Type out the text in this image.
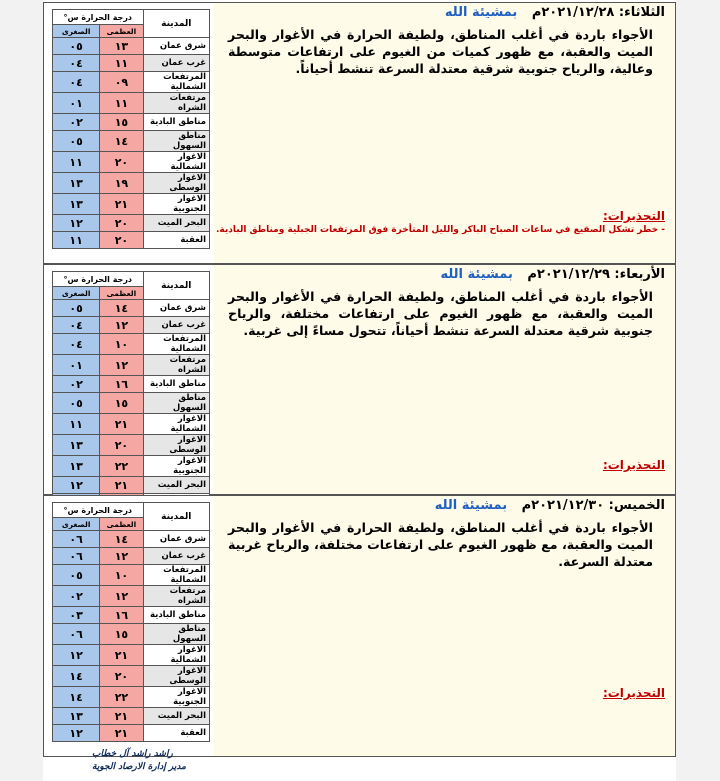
درجة الحرارة س°		المدينة
الصغرى	العظمى	
٠٥	١٣	شرق عمان
٠٤	١١	غرب عمان
٠٤	٠٩	المرتفعات الشمالية
٠١	١١	مرتفعات الشراه
٠٢	١٥	مناطق البادية
٠٥	١٤	مناطق السهول
١١	٢٠	الاغوار الشمالية
١٣	١٩	الاغوار الوسطى
١٣	٢١	الاغوار الجنوبية
١٢	٢٠	البحر الميت
١١	٢٠	العقبة
الثلاثاء: ٢٠٢١/١٢/٢٨م بمشيئة الله
الأجواء باردة في أغلب المناطق، ولطيفة الحرارة في الأغوار والبحر الميت والعقبة، مع ظهور كميات من الغيوم على ارتفاعات متوسطة وعالية، والرياح جنوبية شرقية معتدلة السرعة تنشط أحياناً.
التحذيرات:
- خطر تشكل الصقيع في ساعات الصباح الباكر والليل المتأخرة فوق المرتفعات الجبلية ومناطق البادية.
درجة الحرارة س°		المدينة
الصغرى	العظمى	
٠٥	١٤	شرق عمان
٠٤	١٢	غرب عمان
٠٤	١٠	المرتفعات الشمالية
٠١	١٢	مرتفعات الشراه
٠٢	١٦	مناطق البادية
٠٥	١٥	مناطق السهول
١١	٢١	الاغوار الشمالية
١٣	٢٠	الاغوار الوسطى
١٣	٢٢	الاغوار الجنوبية
١٢	٢١	البحر الميت

الأربعاء: ٢٠٢١/١٢/٢٩م بمشيئة الله
الأجواء باردة في أغلب المناطق، ولطيفة الحرارة في الأغوار والبحر الميت والعقبة، مع ظهور الغيوم على ارتفاعات مختلفة، والرياح جنوبية شرقية معتدلة السرعة تنشط أحياناً، تتحول مساءً إلى غربية.
التحذيرات:
درجة الحرارة س°		المدينة
الصغرى	العظمى	
٠٦	١٤	شرق عمان
٠٦	١٢	غرب عمان
٠٥	١٠	المرتفعات الشمالية
٠٢	١٢	مرتفعات الشراه
٠٣	١٦	مناطق البادية
٠٦	١٥	مناطق السهول
١٢	٢١	الاغوار الشمالية
١٤	٢٠	الاغوار الوسطى
١٤	٢٢	الاغوار الجنوبية
١٣	٢١	البحر الميت
١٢	٢١	العقبة
الخميس: ٢٠٢١/١٢/٣٠م بمشيئة الله
الأجواء باردة في أغلب المناطق، ولطيفة الحرارة في الأغوار والبحر الميت والعقبة، مع ظهور الغيوم على ارتفاعات مختلفة، والرياح غربية معتدلة السرعة.
التحذيرات:
راشد راشد آل خطاب
مدير إدارة الارصاد الجوية
